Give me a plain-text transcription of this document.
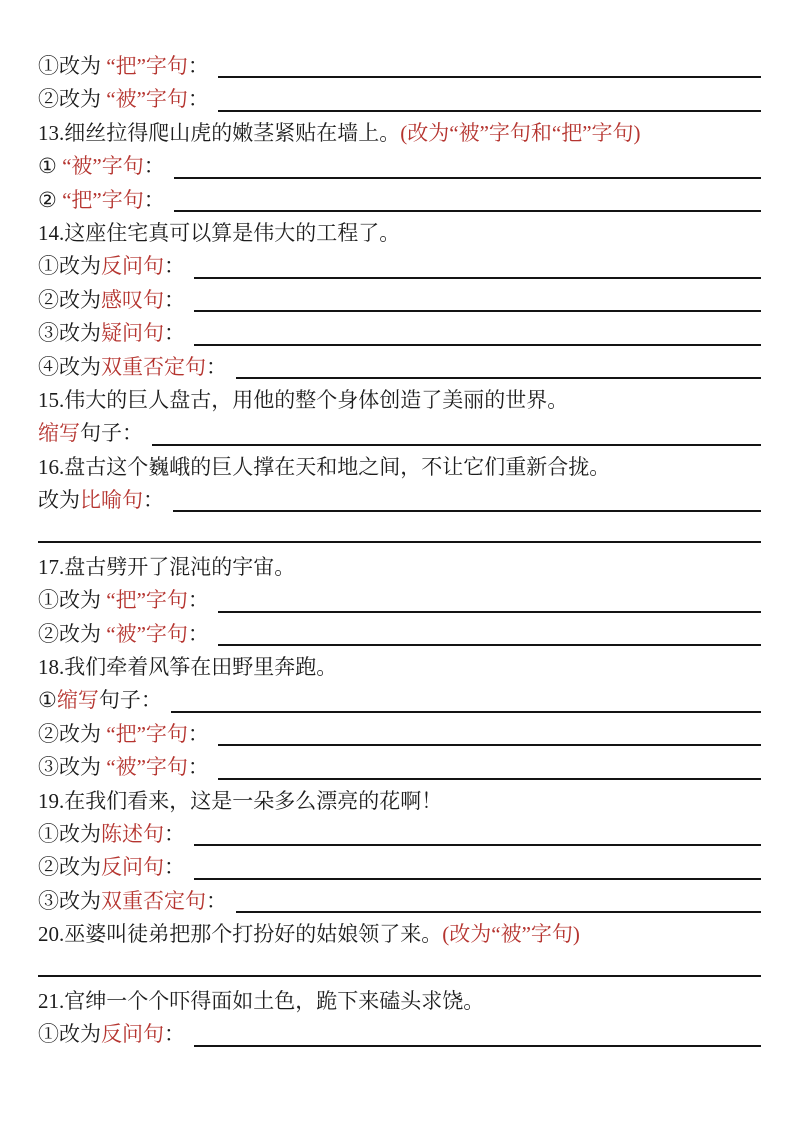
①改为 “把”字句 ：
②改为 “被”字句 ：
13.细丝拉得爬山虎的嫩茎紧贴在墙上。 (改为“被”字句和“把”字句)
① “被”字句 ：
② “把”字句 ：
14.这座住宅真可以算是伟大的工程了。
①改为 反问句 ：
②改为 感叹句 ：
③改为 疑问句 ：
④改为 双重否定句 ：
15.伟大的巨人盘古，用他的整个身体创造了美丽的世界。
缩写 句子：
16.盘古这个巍峨的巨人撑在天和地之间，不让它们重新合拢。
改为 比喻句 ：
17.盘古劈开了混沌的宇宙。
①改为 “把”字句 ：
②改为 “被”字句 ：
18.我们牵着风筝在田野里奔跑。
① 缩写 句子：
②改为 “把”字句 ：
③改为 “被”字句 ：
19.在我们看来，这是一朵多么漂亮的花啊！
①改为 陈述句 ：
②改为 反问句 ：
③改为 双重否定句 ：
20.巫婆叫徒弟把那个打扮好的姑娘领了来。 (改为“被”字句)
21.官绅一个个吓得面如土色，跪下来磕头求饶。
①改为 反问句 ：
